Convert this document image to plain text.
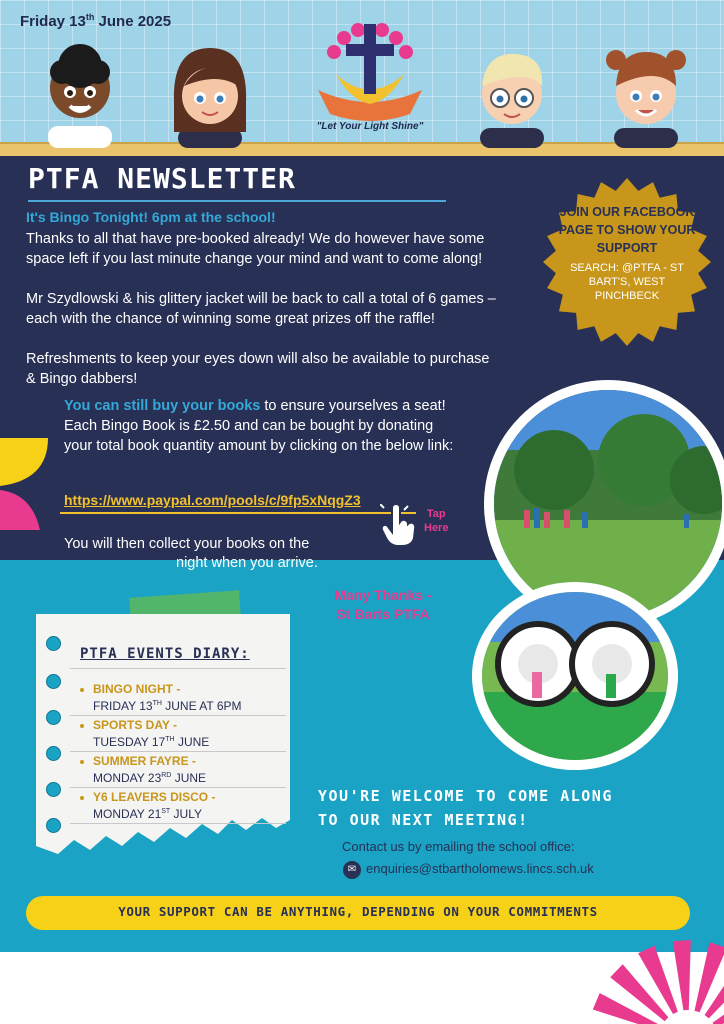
Friday 13th June 2025
"Let Your Light Shine"
PTFA NEWSLETTER
It's Bingo Tonight! 6pm at the school!

Thanks to all that have pre-booked already! We do however have some space left if you last minute change your mind and want to come along!

Mr Szydlowski & his glittery jacket will be back to call a total of 6 games – each with the chance of winning some great prizes off the raffle!

Refreshments to keep your eyes down will also be available to purchase & Bingo dabbers!

You can still buy your books to ensure yourselves a seat! Each Bingo Book is £2.50 and can be bought by donating your total book quantity amount by clicking on the below link:
https://www.paypal.com/pools/c/9fp5xNqgZ3
Tap
Here
You will then collect your books on the
night when you arrive.
Many Thanks -
St Barts PTFA
JOIN OUR FACEBOOK PAGE TO SHOW YOUR SUPPORT
SEARCH: @PTFA - ST BART'S, WEST PINCHBECK
PTFA EVENTS DIARY:
BINGO NIGHT -
FRIDAY 13TH JUNE AT 6PM
SPORTS DAY -
TUESDAY 17TH JUNE
SUMMER FAYRE -
MONDAY 23RD JUNE
Y6 LEAVERS DISCO -
MONDAY 21ST JULY
YOU'RE WELCOME TO COME ALONG
TO OUR NEXT MEETING!
Contact us by emailing the school office:
✉ enquiries@stbartholomews.lincs.sch.uk
YOUR SUPPORT CAN BE ANYTHING, DEPENDING ON YOUR COMMITMENTS
